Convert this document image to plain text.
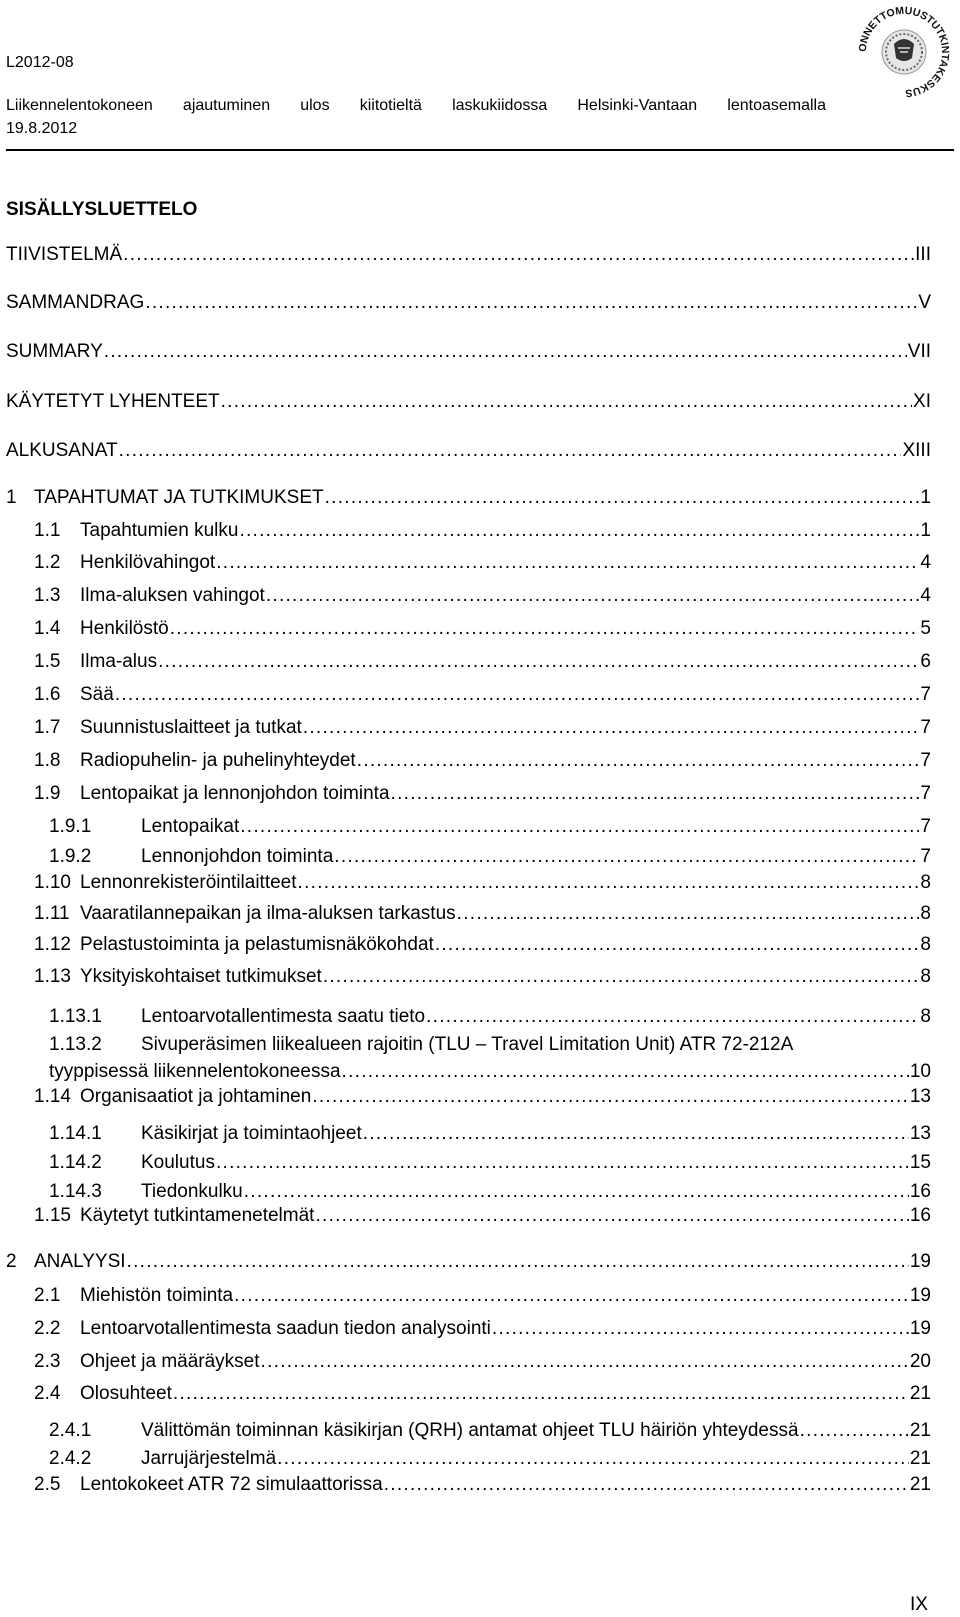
L2012-08
Liikennelentokoneen ajautuminen ulos kiitotieltä laskukiidossa Helsinki-Vantaan lentoasemalla
19.8.2012
ONNETTOMUUSTUTKINTAKESKUS
SISÄLLYSLUETTELO
TIIVISTELMÄ . . .	III
SAMMANDRAG . . .	V
SUMMARY . . .	VII
KÄYTETYT LYHENTEET . . .	XI
ALKUSANAT . . .	XIII
1 TAPAHTUMAT JA TUTKIMUKSET . . .	1
1.1	Tapahtumien kulku . . .	1
1.2	Henkilövahingot . . .	4
1.3	Ilma-aluksen vahingot . . .	4
1.4	Henkilöstö . . .	5
1.5	Ilma-alus . . .	6
1.6	Sää . . .	7
1.7	Suunnistuslaitteet ja tutkat . . .	7
1.8	Radiopuhelin- ja puhelinyhteydet . . .	7
1.9	Lentopaikat ja lennonjohdon toiminta . . .	7
1.9.1	Lentopaikat . . .	7
1.9.2	Lennonjohdon toiminta . . .	7
1.10 Lennonrekisteröintilaitteet . . .	8
1.11 Vaaratilannepaikan ja ilma-aluksen tarkastus . . .	8
1.12 Pelastustoiminta ja pelastumisnäkökohdat . . .	8
1.13 Yksityiskohtaiset tutkimukset . . .	8
1.13.1	Lentoarvotallentimesta saatu tieto . . .	8
1.13.2 Sivuperäsimen liikealueen rajoitin (TLU – Travel Limitation Unit) ATR 72-212A
tyyppisessä liikennelentokoneessa . . .	10
1.14 Organisaatiot ja johtaminen . . .	13
1.14.1	Käsikirjat ja toimintaohjeet . . .	13
1.14.2	Koulutus . . .	15
1.14.3	Tiedonkulku . . .	16
1.15 Käytetyt tutkintamenetelmät . . .	16
2 ANALYYSI . . .	19
2.1	Miehistön toiminta . . .	19
2.2	Lentoarvotallentimesta saadun tiedon analysointi . . .	19
2.3	Ohjeet ja määräykset . . .	20
2.4	Olosuhteet . . .	21
2.4.1	Välittömän toiminnan käsikirjan (QRH) antamat ohjeet TLU häiriön yhteydessä . . .	21
2.4.2	Jarrujärjestelmä . . .	21
2.5	Lentokokeet ATR 72 simulaattorissa . . .	21
IX
